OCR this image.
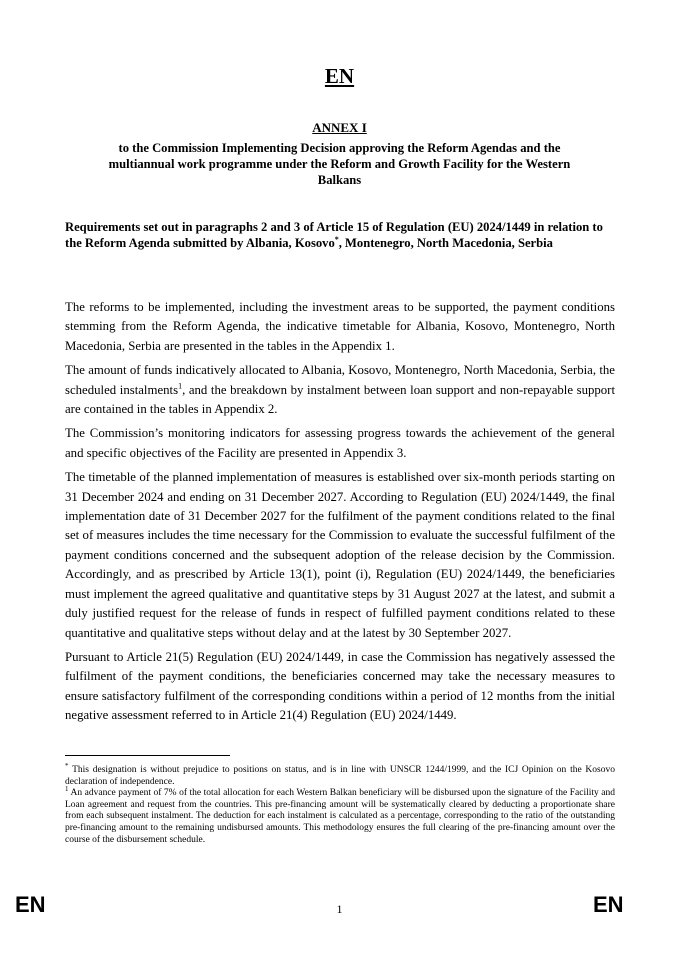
EN
ANNEX I
to the Commission Implementing Decision approving the Reform Agendas and the multiannual work programme under the Reform and Growth Facility for the Western Balkans
Requirements set out in paragraphs 2 and 3 of Article 15 of Regulation (EU) 2024/1449 in relation to the Reform Agenda submitted by Albania, Kosovo*, Montenegro, North Macedonia, Serbia

The reforms to be implemented, including the investment areas to be supported, the payment conditions stemming from the Reform Agenda, the indicative timetable for Albania, Kosovo, Montenegro, North Macedonia, Serbia are presented in the tables in the Appendix 1.

The amount of funds indicatively allocated to Albania, Kosovo, Montenegro, North Macedonia, Serbia, the scheduled instalments$^1$, and the breakdown by instalment between loan support and non-repayable support are contained in the tables in Appendix 2.

The Commission’s monitoring indicators for assessing progress towards the achievement of the general and specific objectives of the Facility are presented in Appendix 3.

The timetable of the planned implementation of measures is established over six-month periods starting on 31 December 2024 and ending on 31 December 2027. According to Regulation (EU) 2024/1449, the final implementation date of 31 December 2027 for the fulfilment of the payment conditions related to the final set of measures includes the time necessary for the Commission to evaluate the successful fulfilment of the payment conditions concerned and the subsequent adoption of the release decision by the Commission. Accordingly, and as prescribed by Article 13(1), point (i), Regulation (EU) 2024/1449, the beneficiaries must implement the agreed qualitative and quantitative steps by 31 August 2027 at the latest, and submit a duly justified request for the release of funds in respect of fulfilled payment conditions related to these quantitative and qualitative steps without delay and at the latest by 30 September 2027.

Pursuant to Article 21(5) Regulation (EU) 2024/1449, in case the Commission has negatively assessed the fulfilment of the payment conditions, the beneficiaries concerned may take the necessary measures to ensure satisfactory fulfilment of the corresponding conditions within a period of 12 months from the initial negative assessment referred to in Article 21(4) Regulation (EU) 2024/1449.

* This designation is without prejudice to positions on status, and is in line with UNSCR 1244/1999, and the ICJ Opinion on the Kosovo declaration of independence.

$^1$ An advance payment of 7% of the total allocation for each Western Balkan beneficiary will be disbursed upon the signature of the Facility and Loan agreement and request from the countries. This pre-financing amount will be systematically cleared by deducting a proportionate share from each subsequent instalment. The deduction for each instalment is calculated as a percentage, corresponding to the ratio of the outstanding pre-financing amount to the remaining undisbursed amounts. This methodology ensures the full clearing of the pre-financing amount over the course of the disbursement schedule.

EN	1	EN
